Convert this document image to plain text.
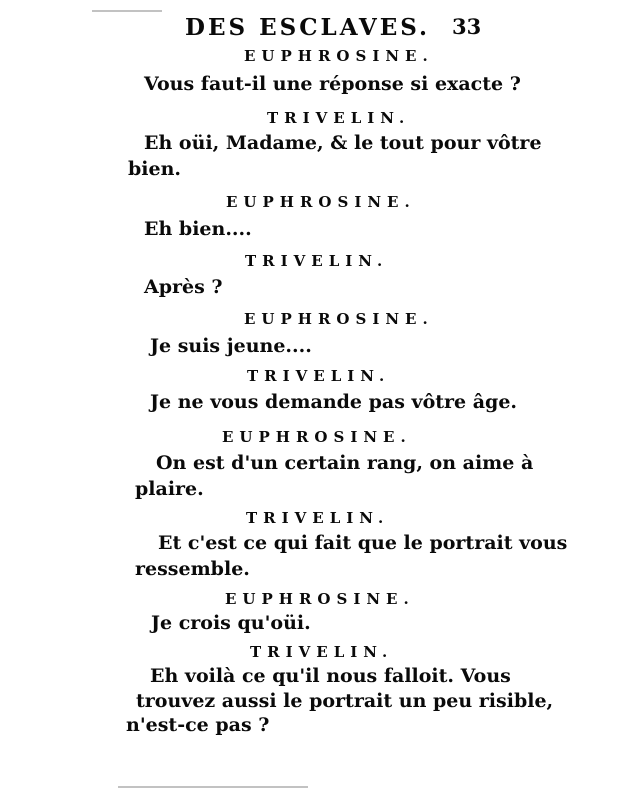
DES ESCLAVES. 33
EUPHROSINE.
Vous faut-il une réponse si exacte ?
TRIVELIN.
Eh oüi, Madame, & le tout pour vôtre
bien.
EUPHROSINE.
Eh bien....
TRIVELIN.
Après ?
EUPHROSINE.
Je suis jeune....
TRIVELIN.
Je ne vous demande pas vôtre âge.
EUPHROSINE.
On est d'un certain rang, on aime à
plaire.
TRIVELIN.
Et c'est ce qui fait que le portrait vous
ressemble.
EUPHROSINE.
Je crois qu'oüi.
TRIVELIN.
Eh voilà ce qu'il nous falloit. Vous
trouvez aussi le portrait un peu risible,
n'est-ce pas ?
